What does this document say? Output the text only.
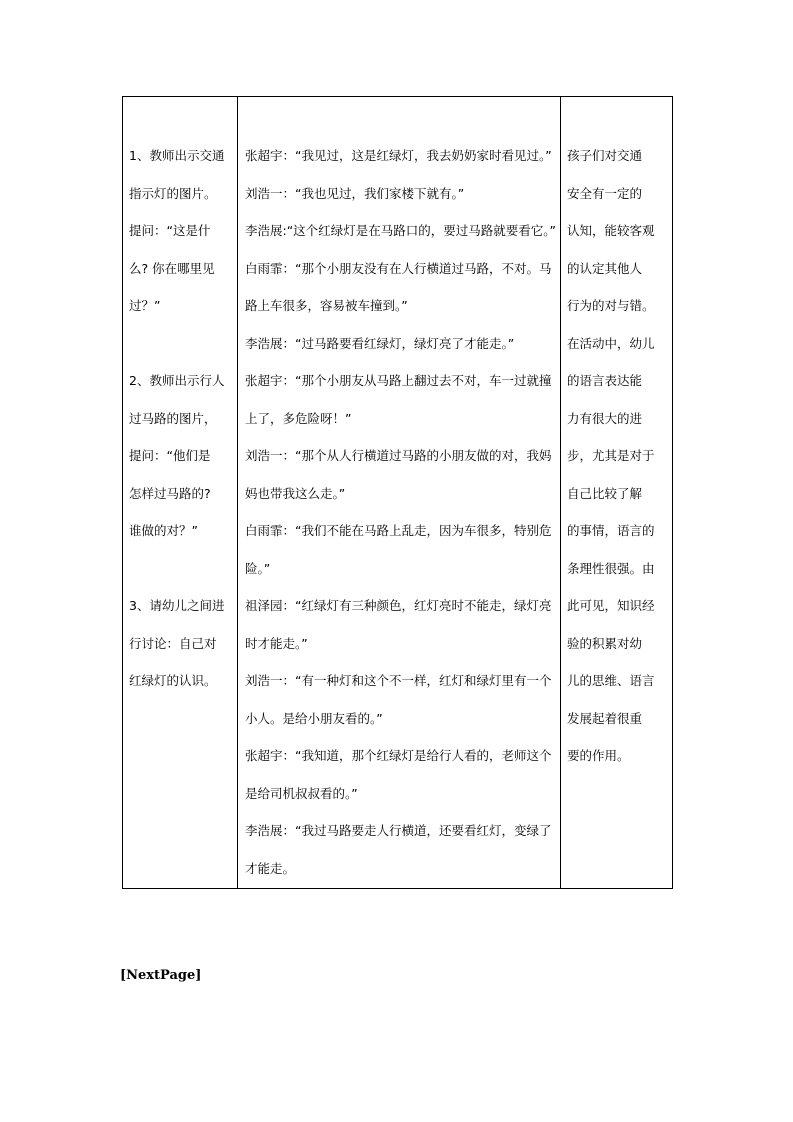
1、教师出示交通
指示灯的图片。
提问：“这是什
么? 你在哪里见
过？”
2、教师出示行人
过马路的图片，
提问：“他们是
怎样过马路的?
谁做的对？”
3、请幼儿之间进
行讨论：自己对
红绿灯的认识。

张超宇：“我见过，这是红绿灯，我去奶奶家时看见过。”
刘浩一：“我也见过，我们家楼下就有。”
李浩展:“这个红绿灯是在马路口的，要过马路就要看它。”
白雨霏：“那个小朋友没有在人行横道过马路，不对。马
路上车很多，容易被车撞到。”
李浩展：“过马路要看红绿灯，绿灯亮了才能走。”
张超宇：“那个小朋友从马路上翻过去不对，车一过就撞
上了，多危险呀！”
刘浩一：“那个从人行横道过马路的小朋友做的对，我妈
妈也带我这么走。”
白雨霏：“我们不能在马路上乱走，因为车很多，特别危
险。”
祖泽园：“红绿灯有三种颜色，红灯亮时不能走，绿灯亮
时才能走。”
刘浩一：“有一种灯和这个不一样，红灯和绿灯里有一个
小人。是给小朋友看的。”
张超宇：“我知道，那个红绿灯是给行人看的，老师这个
是给司机叔叔看的。”
李浩展：“我过马路要走人行横道，还要看红灯，变绿了
才能走。

孩子们对交通
安全有一定的
认知，能较客观
的认定其他人
行为的对与错。
在活动中，幼儿
的语言表达能
力有很大的进
步，尤其是对于
自己比较了解
的事情，语言的
条理性很强。由
此可见，知识经
验的积累对幼
儿的思维、语言
发展起着很重
要的作用。
[NextPage]
